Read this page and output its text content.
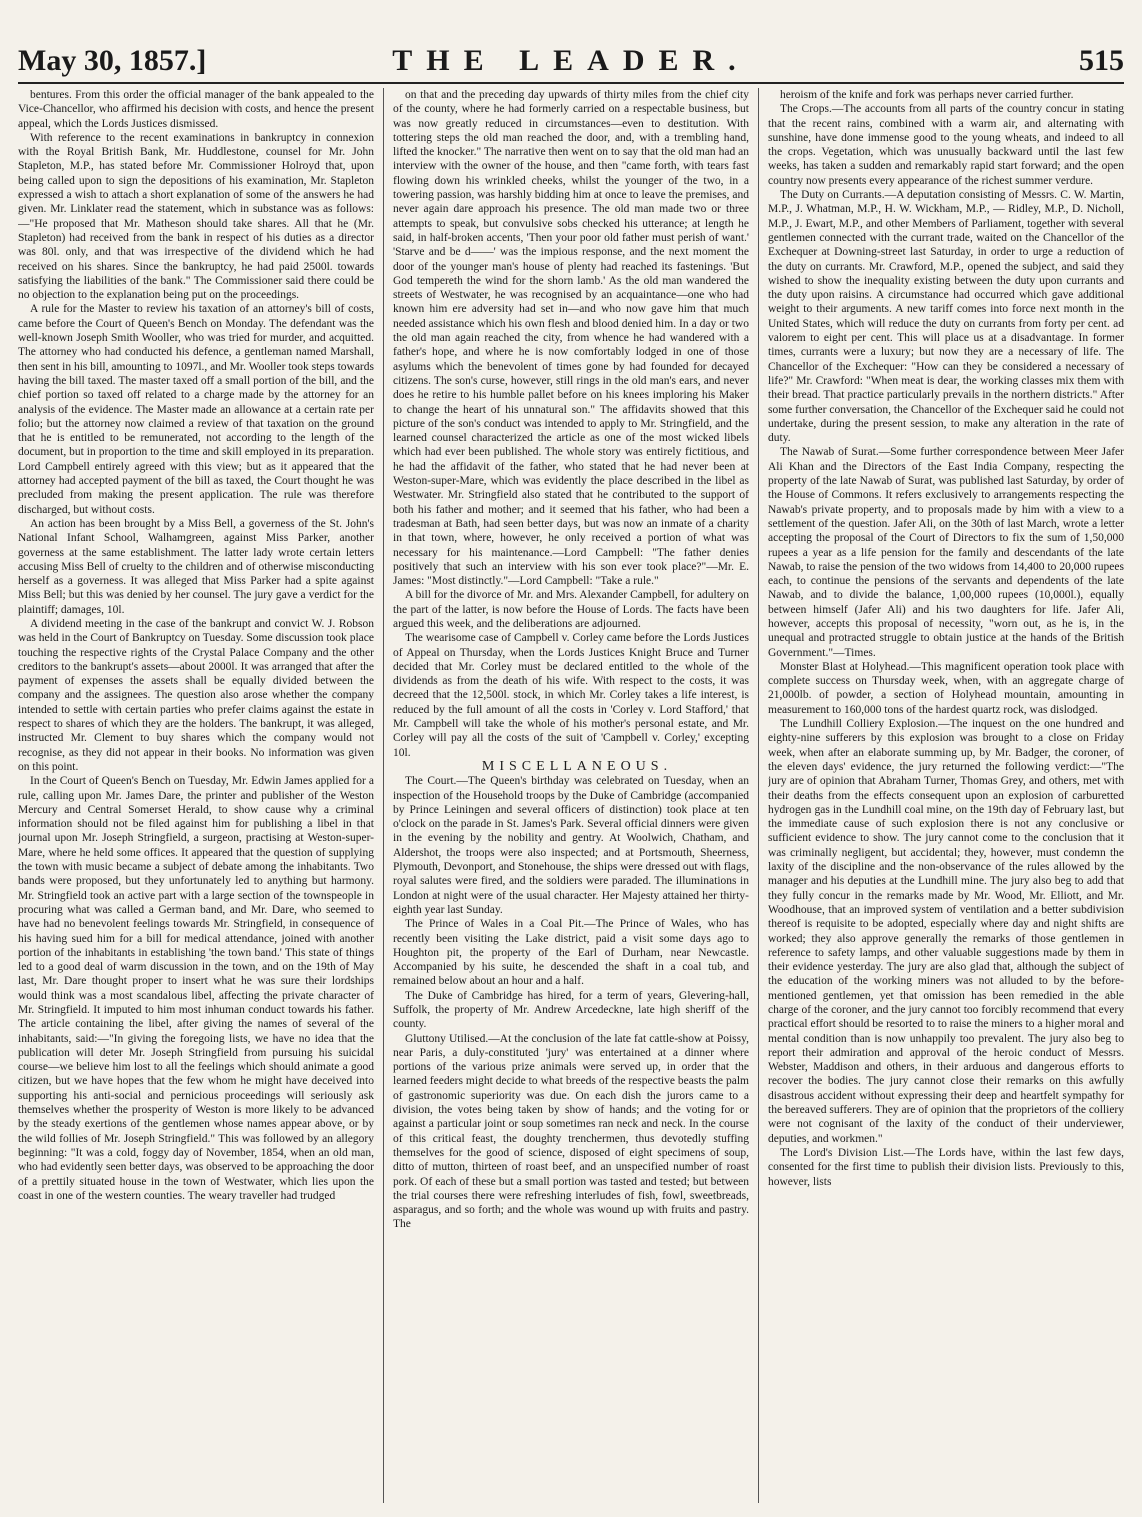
May 30, 1857.]	THE LEADER.	515

bentures. From this order the official manager of the bank appealed to the Vice-Chancellor, who affirmed his decision with costs, and hence the present appeal, which the Lords Justices dismissed.

With reference to the recent examinations in bankruptcy in connexion with the Royal British Bank, Mr. Huddlestone, counsel for Mr. John Stapleton, M.P., has stated before Mr. Commissioner Holroyd that, upon being called upon to sign the depositions of his examination, Mr. Stapleton expressed a wish to attach a short explanation of some of the answers he had given. Mr. Linklater read the statement, which in substance was as follows:—"He proposed that Mr. Matheson should take shares. All that he (Mr. Stapleton) had received from the bank in respect of his duties as a director was 80l. only, and that was irrespective of the dividend which he had received on his shares. Since the bankruptcy, he had paid 2500l. towards satisfying the liabilities of the bank." The Commissioner said there could be no objection to the explanation being put on the proceedings.

A rule for the Master to review his taxation of an attorney's bill of costs, came before the Court of Queen's Bench on Monday. The defendant was the well-known Joseph Smith Wooller, who was tried for murder, and acquitted. The attorney who had conducted his defence, a gentleman named Marshall, then sent in his bill, amounting to 1097l., and Mr. Wooller took steps towards having the bill taxed. The master taxed off a small portion of the bill, and the chief portion so taxed off related to a charge made by the attorney for an analysis of the evidence. The Master made an allowance at a certain rate per folio; but the attorney now claimed a review of that taxation on the ground that he is entitled to be remunerated, not according to the length of the document, but in proportion to the time and skill employed in its preparation. Lord Campbell entirely agreed with this view; but as it appeared that the attorney had accepted payment of the bill as taxed, the Court thought he was precluded from making the present application. The rule was therefore discharged, but without costs.

An action has been brought by a Miss Bell, a governess of the St. John's National Infant School, Walhamgreen, against Miss Parker, another governess at the same establishment. The latter lady wrote certain letters accusing Miss Bell of cruelty to the children and of otherwise misconducting herself as a governess. It was alleged that Miss Parker had a spite against Miss Bell; but this was denied by her counsel. The jury gave a verdict for the plaintiff; damages, 10l.

A dividend meeting in the case of the bankrupt and convict W. J. Robson was held in the Court of Bankruptcy on Tuesday. Some discussion took place touching the respective rights of the Crystal Palace Company and the other creditors to the bankrupt's assets—about 2000l. It was arranged that after the payment of expenses the assets shall be equally divided between the company and the assignees. The question also arose whether the company intended to settle with certain parties who prefer claims against the estate in respect to shares of which they are the holders. The bankrupt, it was alleged, instructed Mr. Clement to buy shares which the company would not recognise, as they did not appear in their books. No information was given on this point.

In the Court of Queen's Bench on Tuesday, Mr. Edwin James applied for a rule, calling upon Mr. James Dare, the printer and publisher of the Weston Mercury and Central Somerset Herald, to show cause why a criminal information should not be filed against him for publishing a libel in that journal upon Mr. Joseph Stringfield, a surgeon, practising at Weston-super-Mare, where he held some offices. It appeared that the question of supplying the town with music became a subject of debate among the inhabitants. Two bands were proposed, but they unfortunately led to anything but harmony. Mr. Stringfield took an active part with a large section of the townspeople in procuring what was called a German band, and Mr. Dare, who seemed to have had no benevolent feelings towards Mr. Stringfield, in consequence of his having sued him for a bill for medical attendance, joined with another portion of the inhabitants in establishing 'the town band.' This state of things led to a good deal of warm discussion in the town, and on the 19th of May last, Mr. Dare thought proper to insert what he was sure their lordships would think was a most scandalous libel, affecting the private character of Mr. Stringfield. It imputed to him most inhuman conduct towards his father. The article containing the libel, after giving the names of several of the inhabitants, said:—"In giving the foregoing lists, we have no idea that the publication will deter Mr. Joseph Stringfield from pursuing his suicidal course—we believe him lost to all the feelings which should animate a good citizen, but we have hopes that the few whom he might have deceived into supporting his anti-social and pernicious proceedings will seriously ask themselves whether the prosperity of Weston is more likely to be advanced by the steady exertions of the gentlemen whose names appear above, or by the wild follies of Mr. Joseph Stringfield." This was followed by an allegory beginning: "It was a cold, foggy day of November, 1854, when an old man, who had evidently seen better days, was observed to be approaching the door of a prettily situated house in the town of Westwater, which lies upon the coast in one of the western counties. The weary traveller had trudged

on that and the preceding day upwards of thirty miles from the chief city of the county, where he had formerly carried on a respectable business, but was now greatly reduced in circumstances—even to destitution. With tottering steps the old man reached the door, and, with a trembling hand, lifted the knocker." The narrative then went on to say that the old man had an interview with the owner of the house, and then "came forth, with tears fast flowing down his wrinkled cheeks, whilst the younger of the two, in a towering passion, was harshly bidding him at once to leave the premises, and never again dare approach his presence. The old man made two or three attempts to speak, but convulsive sobs checked his utterance; at length he said, in half-broken accents, 'Then your poor old father must perish of want.' 'Starve and be d——' was the impious response, and the next moment the door of the younger man's house of plenty had reached its fastenings. 'But God tempereth the wind for the shorn lamb.' As the old man wandered the streets of Westwater, he was recognised by an acquaintance—one who had known him ere adversity had set in—and who now gave him that much needed assistance which his own flesh and blood denied him. In a day or two the old man again reached the city, from whence he had wandered with a father's hope, and where he is now comfortably lodged in one of those asylums which the benevolent of times gone by had founded for decayed citizens. The son's curse, however, still rings in the old man's ears, and never does he retire to his humble pallet before on his knees imploring his Maker to change the heart of his unnatural son." The affidavits showed that this picture of the son's conduct was intended to apply to Mr. Stringfield, and the learned counsel characterized the article as one of the most wicked libels which had ever been published. The whole story was entirely fictitious, and he had the affidavit of the father, who stated that he had never been at Weston-super-Mare, which was evidently the place described in the libel as Westwater. Mr. Stringfield also stated that he contributed to the support of both his father and mother; and it seemed that his father, who had been a tradesman at Bath, had seen better days, but was now an inmate of a charity in that town, where, however, he only received a portion of what was necessary for his maintenance.—Lord Campbell: "The father denies positively that such an interview with his son ever took place?"—Mr. E. James: "Most distinctly."—Lord Campbell: "Take a rule."

A bill for the divorce of Mr. and Mrs. Alexander Campbell, for adultery on the part of the latter, is now before the House of Lords. The facts have been argued this week, and the deliberations are adjourned.

The wearisome case of Campbell v. Corley came before the Lords Justices of Appeal on Thursday, when the Lords Justices Knight Bruce and Turner decided that Mr. Corley must be declared entitled to the whole of the dividends as from the death of his wife. With respect to the costs, it was decreed that the 12,500l. stock, in which Mr. Corley takes a life interest, is reduced by the full amount of all the costs in 'Corley v. Lord Stafford,' that Mr. Campbell will take the whole of his mother's personal estate, and Mr. Corley will pay all the costs of the suit of 'Campbell v. Corley,' excepting 10l.

MISCELLANEOUS.

The Court.—The Queen's birthday was celebrated on Tuesday, when an inspection of the Household troops by the Duke of Cambridge (accompanied by Prince Leiningen and several officers of distinction) took place at ten o'clock on the parade in St. James's Park. Several official dinners were given in the evening by the nobility and gentry. At Woolwich, Chatham, and Aldershot, the troops were also inspected; and at Portsmouth, Sheerness, Plymouth, Devonport, and Stonehouse, the ships were dressed out with flags, royal salutes were fired, and the soldiers were paraded. The illuminations in London at night were of the usual character. Her Majesty attained her thirty-eighth year last Sunday.

The Prince of Wales in a Coal Pit.—The Prince of Wales, who has recently been visiting the Lake district, paid a visit some days ago to Houghton pit, the property of the Earl of Durham, near Newcastle. Accompanied by his suite, he descended the shaft in a coal tub, and remained below about an hour and a half.

The Duke of Cambridge has hired, for a term of years, Glevering-hall, Suffolk, the property of Mr. Andrew Arcedeckne, late high sheriff of the county.

Gluttony Utilised.—At the conclusion of the late fat cattle-show at Poissy, near Paris, a duly-constituted 'jury' was entertained at a dinner where portions of the various prize animals were served up, in order that the learned feeders might decide to what breeds of the respective beasts the palm of gastronomic superiority was due. On each dish the jurors came to a division, the votes being taken by show of hands; and the voting for or against a particular joint or soup sometimes ran neck and neck. In the course of this critical feast, the doughty trenchermen, thus devotedly stuffing themselves for the good of science, disposed of eight specimens of soup, ditto of mutton, thirteen of roast beef, and an unspecified number of roast pork. Of each of these but a small portion was tasted and tested; but between the trial courses there were refreshing interludes of fish, fowl, sweetbreads, asparagus, and so forth; and the whole was wound up with fruits and pastry. The

heroism of the knife and fork was perhaps never carried further.

The Crops.—The accounts from all parts of the country concur in stating that the recent rains, combined with a warm air, and alternating with sunshine, have done immense good to the young wheats, and indeed to all the crops. Vegetation, which was unusually backward until the last few weeks, has taken a sudden and remarkably rapid start forward; and the open country now presents every appearance of the richest summer verdure.

The Duty on Currants.—A deputation consisting of Messrs. C. W. Martin, M.P., J. Whatman, M.P., H. W. Wickham, M.P., — Ridley, M.P., D. Nicholl, M.P., J. Ewart, M.P., and other Members of Parliament, together with several gentlemen connected with the currant trade, waited on the Chancellor of the Exchequer at Downing-street last Saturday, in order to urge a reduction of the duty on currants. Mr. Crawford, M.P., opened the subject, and said they wished to show the inequality existing between the duty upon currants and the duty upon raisins. A circumstance had occurred which gave additional weight to their arguments. A new tariff comes into force next month in the United States, which will reduce the duty on currants from forty per cent. ad valorem to eight per cent. This will place us at a disadvantage. In former times, currants were a luxury; but now they are a necessary of life. The Chancellor of the Exchequer: "How can they be considered a necessary of life?" Mr. Crawford: "When meat is dear, the working classes mix them with their bread. That practice particularly prevails in the northern districts." After some further conversation, the Chancellor of the Exchequer said he could not undertake, during the present session, to make any alteration in the rate of duty.

The Nawab of Surat.—Some further correspondence between Meer Jafer Ali Khan and the Directors of the East India Company, respecting the property of the late Nawab of Surat, was published last Saturday, by order of the House of Commons. It refers exclusively to arrangements respecting the Nawab's private property, and to proposals made by him with a view to a settlement of the question. Jafer Ali, on the 30th of last March, wrote a letter accepting the proposal of the Court of Directors to fix the sum of 1,50,000 rupees a year as a life pension for the family and descendants of the late Nawab, to raise the pension of the two widows from 14,400 to 20,000 rupees each, to continue the pensions of the servants and dependents of the late Nawab, and to divide the balance, 1,00,000 rupees (10,000l.), equally between himself (Jafer Ali) and his two daughters for life. Jafer Ali, however, accepts this proposal of necessity, "worn out, as he is, in the unequal and protracted struggle to obtain justice at the hands of the British Government."—Times.

Monster Blast at Holyhead.—This magnificent operation took place with complete success on Thursday week, when, with an aggregate charge of 21,000lb. of powder, a section of Holyhead mountain, amounting in measurement to 160,000 tons of the hardest quartz rock, was dislodged.

The Lundhill Colliery Explosion.—The inquest on the one hundred and eighty-nine sufferers by this explosion was brought to a close on Friday week, when after an elaborate summing up, by Mr. Badger, the coroner, of the eleven days' evidence, the jury returned the following verdict:—"The jury are of opinion that Abraham Turner, Thomas Grey, and others, met with their deaths from the effects consequent upon an explosion of carburetted hydrogen gas in the Lundhill coal mine, on the 19th day of February last, but the immediate cause of such explosion there is not any conclusive or sufficient evidence to show. The jury cannot come to the conclusion that it was criminally negligent, but accidental; they, however, must condemn the laxity of the discipline and the non-observance of the rules allowed by the manager and his deputies at the Lundhill mine. The jury also beg to add that they fully concur in the remarks made by Mr. Wood, Mr. Elliott, and Mr. Woodhouse, that an improved system of ventilation and a better subdivision thereof is requisite to be adopted, especially where day and night shifts are worked; they also approve generally the remarks of those gentlemen in reference to safety lamps, and other valuable suggestions made by them in their evidence yesterday. The jury are also glad that, although the subject of the education of the working miners was not alluded to by the before-mentioned gentlemen, yet that omission has been remedied in the able charge of the coroner, and the jury cannot too forcibly recommend that every practical effort should be resorted to to raise the miners to a higher moral and mental condition than is now unhappily too prevalent. The jury also beg to report their admiration and approval of the heroic conduct of Messrs. Webster, Maddison and others, in their arduous and dangerous efforts to recover the bodies. The jury cannot close their remarks on this awfully disastrous accident without expressing their deep and heartfelt sympathy for the bereaved sufferers. They are of opinion that the proprietors of the colliery were not cognisant of the laxity of the conduct of their underviewer, deputies, and workmen."

The Lord's Division List.—The Lords have, within the last few days, consented for the first time to publish their division lists. Previously to this, however, lists
